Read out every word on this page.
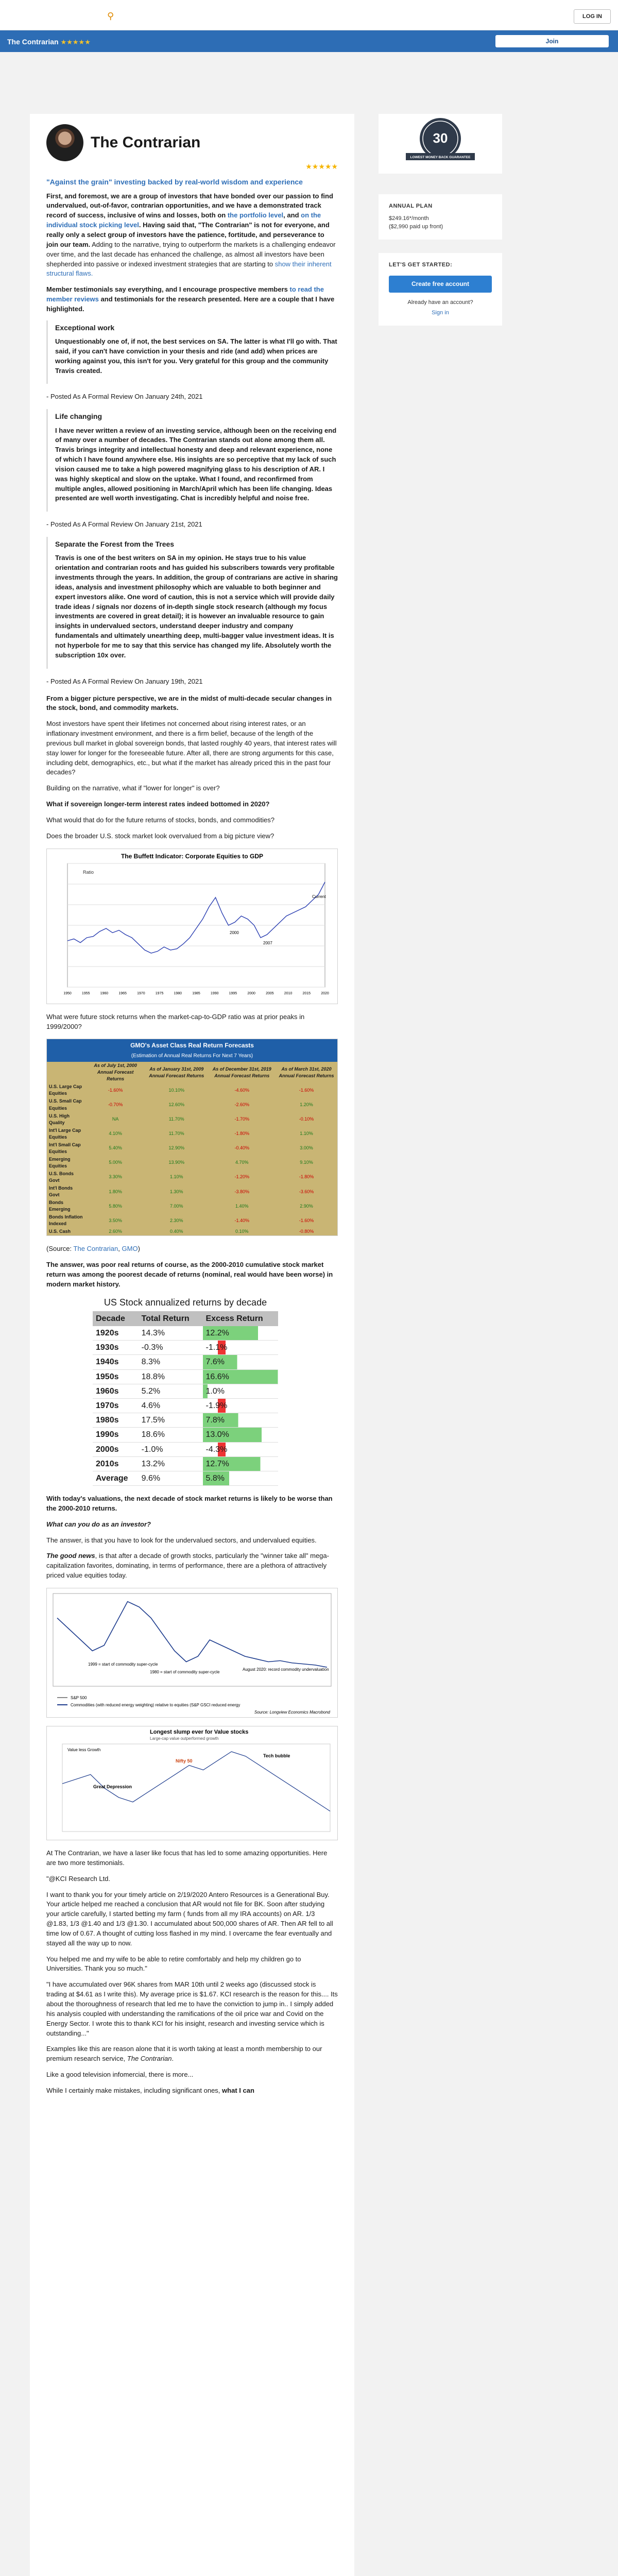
⚲	LOG IN
The Contrarian ★★★★★	Join
The Contrarian
★★★★★
"Against the grain" investing backed by real-world wisdom and experience

First, and foremost, we are a group of investors that have bonded over our passion to find undervalued, out-of-favor, contrarian opportunities, and we have a demonstrated track record of success, inclusive of wins and losses, both on the portfolio level, and on the individual stock picking level. Having said that, "The Contrarian" is not for everyone, and really only a select group of investors have the patience, fortitude, and perseverance to join our team. Adding to the narrative, trying to outperform the markets is a challenging endeavor over time, and the last decade has enhanced the challenge, as almost all investors have been shepherded into passive or indexed investment strategies that are starting to show their inherent structural flaws.

Member testimonials say everything, and I encourage prospective members to read the member reviews and testimonials for the research presented. Here are a couple that I have highlighted.

Exceptional work

Unquestionably one of, if not, the best services on SA. The latter is what I'll go with. That said, if you can't have conviction in your thesis and ride (and add) when prices are working against you, this isn't for you. Very grateful for this group and the community Travis created.

- Posted As A Formal Review On January 24th, 2021
Life changing

I have never written a review of an investing service, although been on the receiving end of many over a number of decades. The Contrarian stands out alone among them all. Travis brings integrity and intellectual honesty and deep and relevant experience, none of which I have found anywhere else. His insights are so perceptive that my lack of such vision caused me to take a high powered magnifying glass to his description of AR. I was highly skeptical and slow on the uptake. What I found, and reconfirmed from multiple angles, allowed positioning in March/April which has been life changing. Ideas presented are well worth investigating. Chat is incredibly helpful and noise free.

- Posted As A Formal Review On January 21st, 2021
Separate the Forest from the Trees

Travis is one of the best writers on SA in my opinion. He stays true to his value orientation and contrarian roots and has guided his subscribers towards very profitable investments through the years. In addition, the group of contrarians are active in sharing ideas, analysis and investment philosophy which are valuable to both beginner and expert investors alike. One word of caution, this is not a service which will provide daily trade ideas / signals nor dozens of in-depth single stock research (although my focus investments are covered in great detail); it is however an invaluable resource to gain insights in undervalued sectors, understand deeper industry and company fundamentals and ultimately unearthing deep, multi-bagger value investment ideas. It is not hyperbole for me to say that this service has changed my life. Absolutely worth the subscription 10x over.

- Posted As A Formal Review On January 19th, 2021

From a bigger picture perspective, we are in the midst of multi-decade secular changes in the stock, bond, and commodity markets.

Most investors have spent their lifetimes not concerned about rising interest rates, or an inflationary investment environment, and there is a firm belief, because of the length of the previous bull market in global sovereign bonds, that lasted roughly 40 years, that interest rates will stay lower for longer for the foreseeable future. After all, there are strong arguments for this case, including debt, demographics, etc., but what if the market has already priced this in the past four decades?

Building on the narrative, what if "lower for longer" is over?

What if sovereign longer-term interest rates indeed bottomed in 2020?

What would that do for the future returns of stocks, bonds, and commodities?

Does the broader U.S. stock market look overvalued from a big picture view?

The Buffett Indicator: Corporate Equities to GDP
Ratio
1950	1955	1960	1965	1970	1975	1980	1985	1990	1995	2000	2005	2010	2015	2020
2000
2007
Current

What were future stock returns when the market-cap-to-GDP ratio was at prior peaks in 1999/2000?

GMO's Asset Class Real Return Forecasts
(Estimation of Annual Real Returns For Next 7 Years)
	As of July 1st, 2000 Annual Forecast Returns	As of January 31st, 2009 Annual Forecast Returns	As of December 31st, 2019 Annual Forecast Returns	As of March 31st, 2020 Annual Forecast Returns
U.S. Large Cap Equities	-1.60%	10.10%	-4.60%	-1.60%
U.S. Small Cap Equities	-0.70%	12.60%	-2.60%	1.20%
U.S. High Quality	NA	11.70%	-1.70%	-0.10%
Int'l Large Cap Equities	4.10%	11.70%	-1.80%	1.10%
Int'l Small Cap Equities	5.40%	12.90%	-0.40%	3.00%
Emerging Equities	5.00%	13.90%	4.70%	9.10%
U.S. Bonds Govt	3.30%	1.10%	-1.20%	-1.80%
Int'l Bonds Govt	1.80%	1.30%	-3.80%	-3.60%
Bonds Emerging	5.80%	7.00%	1.40%	2.90%
Bonds Inflation Indexed	3.50%	2.30%	-1.40%	-1.60%
U.S. Cash	2.60%	0.40%	0.10%	-0.80%

(Source: The Contrarian, GMO)

The answer, was poor real returns of course, as the 2000-2010 cumulative stock market return was among the poorest decade of returns (nominal, real would have been worse) in modern market history.

US Stock annualized returns by decade
Decade	Total Return	Excess Return
1920s	14.3%	12.2%
1930s	-0.3%	-1.1%
1940s	8.3%	7.6%
1950s	18.8%	16.6%
1960s	5.2%	1.0%
1970s	4.6%	-1.9%
1980s	17.5%	7.8%
1990s	18.6%	13.0%
2000s	-1.0%	-4.3%
2010s	13.2%	12.7%
Average	9.6%	5.8%

With today's valuations, the next decade of stock market returns is likely to be worse than the 2000-2010 returns.

What can you do as an investor?

The answer, is that you have to look for the undervalued sectors, and undervalued equities.

The good news, is that after a decade of growth stocks, particularly the "winner take all" mega-capitalization favorites, dominating, in terms of performance, there are a plethora of attractively priced value equities today.

1999 = start of commodity super-cycle
1980 = start of commodity super-cycle
August 2020: record commodity undervaluation
S&P 500
Commodities (with reduced energy weighting) relative to equities (S&P GSCI reduced energy
Source: Longview Economics Macrobond
Longest slump ever for Value stocks
Large-cap value outperformed growth
Great Depression
Nifty 50
Tech bubble
Value less Growth

At The Contrarian, we have a laser like focus that has led to some amazing opportunities. Here are two more testimonials.

"@KCI Research Ltd.

I want to thank you for your timely article on 2/19/2020 Antero Resources is a Generational Buy. Your article helped me reached a conclusion that AR would not file for BK. Soon after studying your article carefully, I started betting my farm ( funds from all my IRA accounts) on AR. 1/3 @1.83, 1/3 @1.40 and 1/3 @1.30. I accumulated about 500,000 shares of AR. Then AR fell to all time low of 0.67. A thought of cutting loss flashed in my mind. I overcame the fear eventually and stayed all the way up to now.

You helped me and my wife to be able to retire comfortably and help my children go to Universities. Thank you so much."

"I have accumulated over 96K shares from MAR 10th until 2 weeks ago (discussed stock is trading at $4.61 as I write this). My average price is $1.67. KCI research is the reason for this.... Its about the thoroughness of research that led me to have the conviction to jump in.. I simply added his analysis coupled with understanding the ramifications of the oil price war and Covid on the Energy Sector. I wrote this to thank KCI for his insight, research and investing service which is outstanding..."

Examples like this are reason alone that it is worth taking at least a month membership to our premium research service, The Contrarian.

Like a good television infomercial, there is more...

While I certainly make mistakes, including significant ones, what I can

30
LOWEST MONEY BACK GUARANTEE
ANNUAL PLAN
$249.16*/month
($2,990 paid up front)
LET'S GET STARTED:
Create free account
Already have an account?
Sign in
